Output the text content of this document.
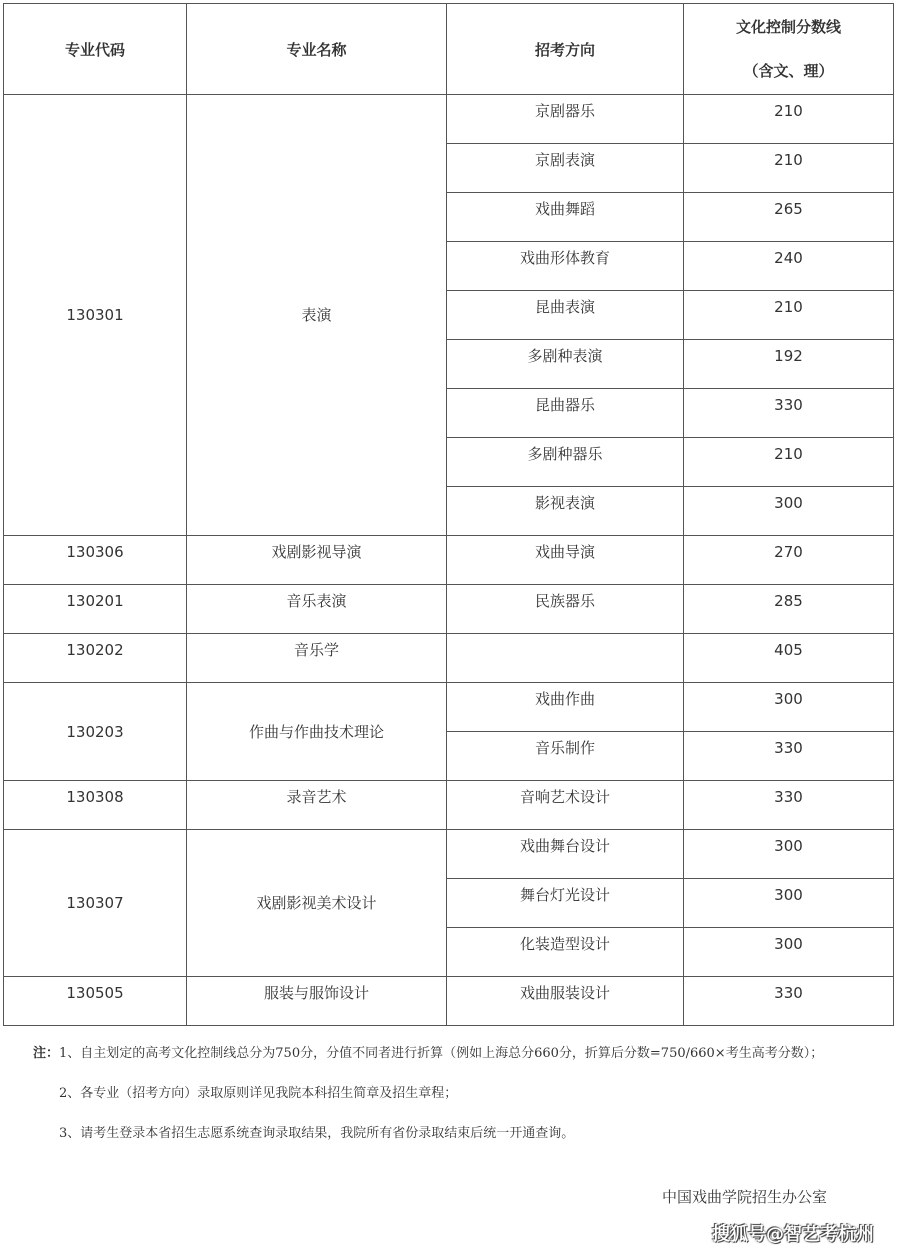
专业代码	专业名称	招考方向	文化控制分数线
（含文、理）

130301	表演	京剧器乐	210

		京剧表演	210

		戏曲舞蹈	265

		戏曲形体教育	240

		昆曲表演	210

		多剧种表演	192

		昆曲器乐	330

		多剧种器乐	210

		影视表演	300

130306	戏剧影视导演	戏曲导演	270

130201	音乐表演	民族器乐	285

130202	音乐学		405

130203	作曲与作曲技术理论	戏曲作曲	300

		音乐制作	330

130308	录音艺术	音响艺术设计	330

130307	戏剧影视美术设计	戏曲舞台设计	300

		舞台灯光设计	300

		化装造型设计	300

130505	服装与服饰设计	戏曲服装设计	330

注：1、自主划定的高考文化控制线总分为750分，分值不同者进行折算（例如上海总分660分，折算后分数=750/660×考生高考分数）；

2、各专业（招考方向）录取原则详见我院本科招生简章及招生章程；

3、请考生登录本省招生志愿系统查询录取结果，我院所有省份录取结束后统一开通查询。

中国戏曲学院招生办公室
搜狐号@智艺考杭州
